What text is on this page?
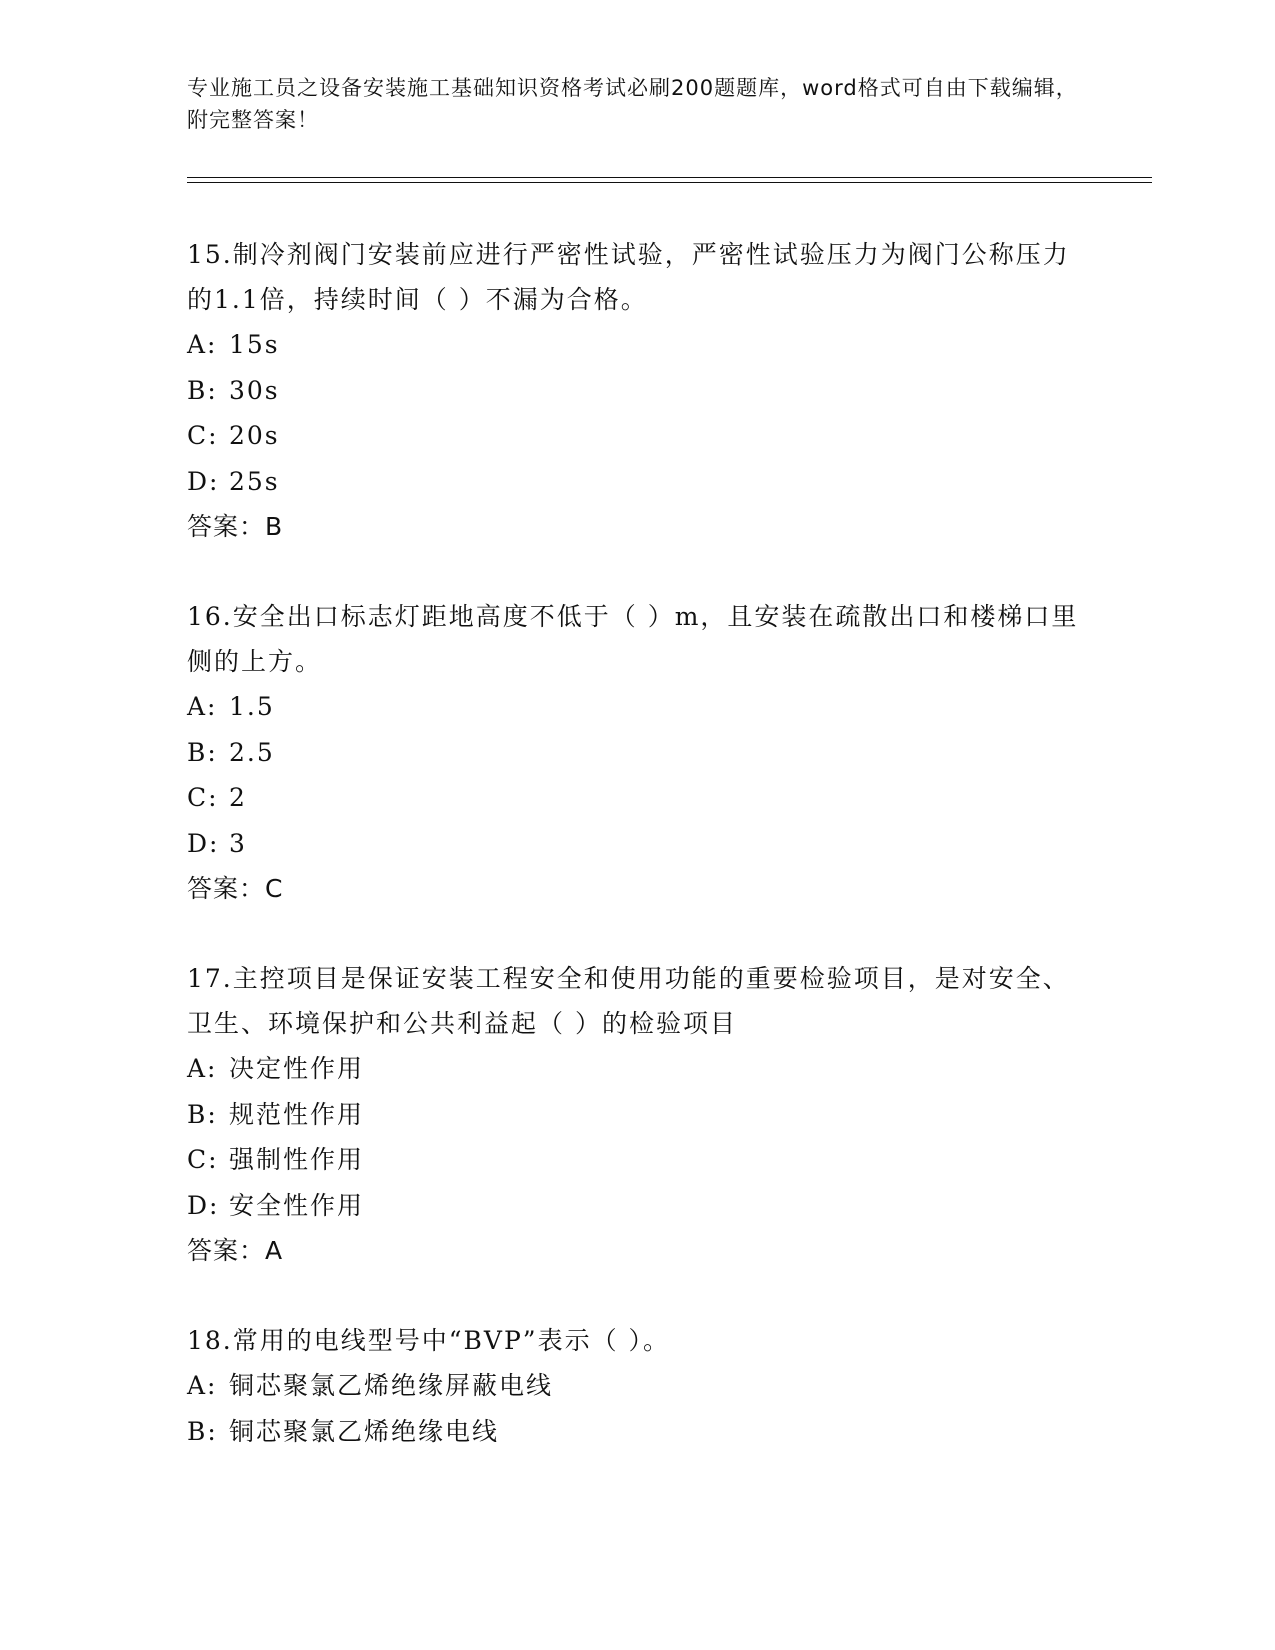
专业施工员之设备安装施工基础知识资格考试必刷200题题库，word格式可自由下载编辑，附完整答案！

15.制冷剂阀门安装前应进行严密性试验，严密性试验压力为阀门公称压力的1.1倍，持续时间（ ）不漏为合格。

A: 15s
B: 30s
C: 20s
D: 25s
答案：B

16.安全出口标志灯距地高度不低于（ ）m，且安装在疏散出口和楼梯口里侧的上方。

A: 1.5
B: 2.5
C: 2
D: 3
答案：C

17.主控项目是保证安装工程安全和使用功能的重要检验项目，是对安全、卫生、环境保护和公共利益起（ ）的检验项目

A: 决定性作用
B: 规范性作用
C: 强制性作用
D: 安全性作用
答案：A

18.常用的电线型号中“BVP”表示（ ）。

A: 铜芯聚氯乙烯绝缘屏蔽电线
B: 铜芯聚氯乙烯绝缘电线
